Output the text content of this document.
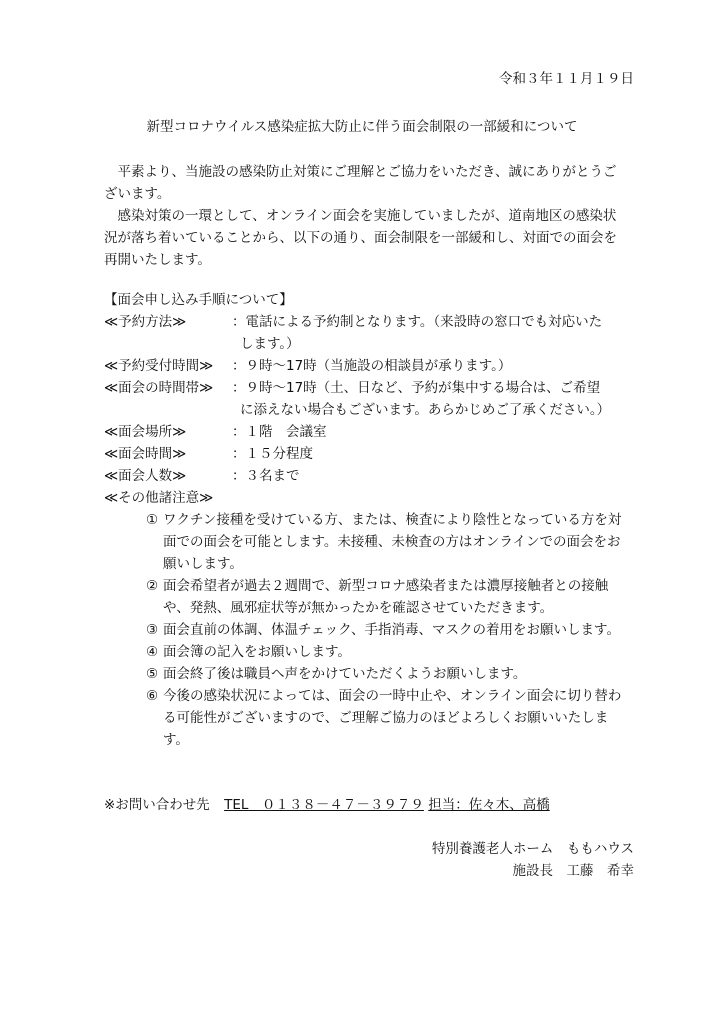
令和３年１１月１９日
新型コロナウイルス感染症拡大防止に伴う面会制限の一部緩和について

　平素より、当施設の感染防止対策にご理解とご協力をいただき、誠にありがとうございます。

　感染対策の一環として、オンライン面会を実施していましたが、道南地区の感染状況が落ち着いていることから、以下の通り、面会制限を一部緩和し、対面での面会を再開いたします。

【面会申し込み手順について】
≪予約方法≫	：電話による予約制となります。（来設時の窓口でも対応いた
します。）
≪予約受付時間≫	：９時～17時（当施設の相談員が承ります。）
≪面会の時間帯≫	：９時～17時（土、日など、予約が集中する場合は、ご希望
に添えない場合もございます。あらかじめご了承ください。）
≪面会場所≫	：１階　会議室
≪面会時間≫	：１５分程度
≪面会人数≫	：３名まで
≪その他諸注意≫
① ワクチン接種を受けている方、または、検査により陰性となっている方を対面での面会を可能とします。未接種、未検査の方はオンラインでの面会をお願いします。
② 面会希望者が過去２週間で、新型コロナ感染者または濃厚接触者との接触や、発熱、風邪症状等が無かったかを確認させていただきます。
③ 面会直前の体調、体温チェック、手指消毒、マスクの着用をお願いします。
④ 面会簿の記入をお願いします。
⑤ 面会終了後は職員へ声をかけていただくようお願いします。
⑥ 今後の感染状況によっては、面会の一時中止や、オンライン面会に切り替わる可能性がございますので、ご理解ご協力のほどよろしくお願いいたします。
※お問い合わせ先 TEL　０１３８－４７－３９７９ 担当：佐々木、高橋
特別養護老人ホーム　ももハウス
施設長　工藤　希幸
